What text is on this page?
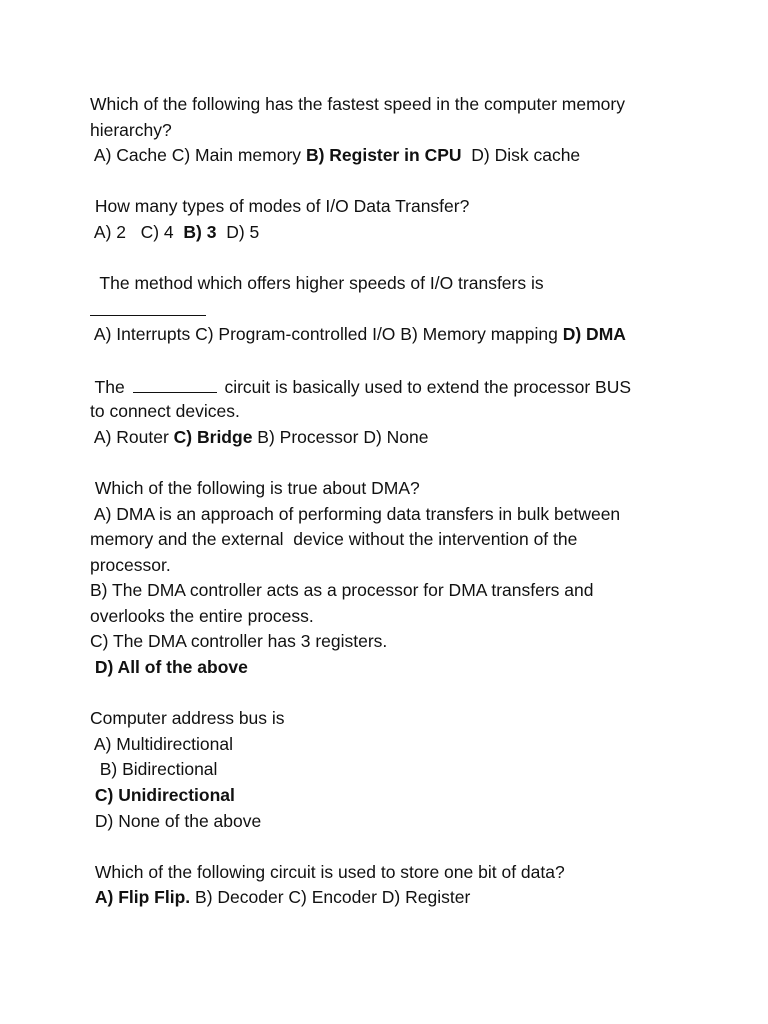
Which of the following has the fastest speed in the computer memory
hierarchy?
A) Cache C) Main memory B) Register in CPU D) Disk cache
How many types of modes of I/O Data Transfer?
A) 2 C) 4 B) 3 D) 5
The method which offers higher speeds of I/O transfers is
A) Interrupts C) Program-controlled I/O B) Memory mapping D) DMA
The	circuit is basically used to extend the processor BUS
to connect devices.
A) Router C) Bridge B) Processor D) None
Which of the following is true about DMA?
A) DMA is an approach of performing data transfers in bulk between
memory and the external  device without the intervention of the
processor.
B) The DMA controller acts as a processor for DMA transfers and
overlooks the entire process.
C) The DMA controller has 3 registers.
D) All of the above
Computer address bus is
A) Multidirectional
B) Bidirectional
C) Unidirectional
D) None of the above
Which of the following circuit is used to store one bit of data?
A) Flip Flip. B) Decoder C) Encoder D) Register
